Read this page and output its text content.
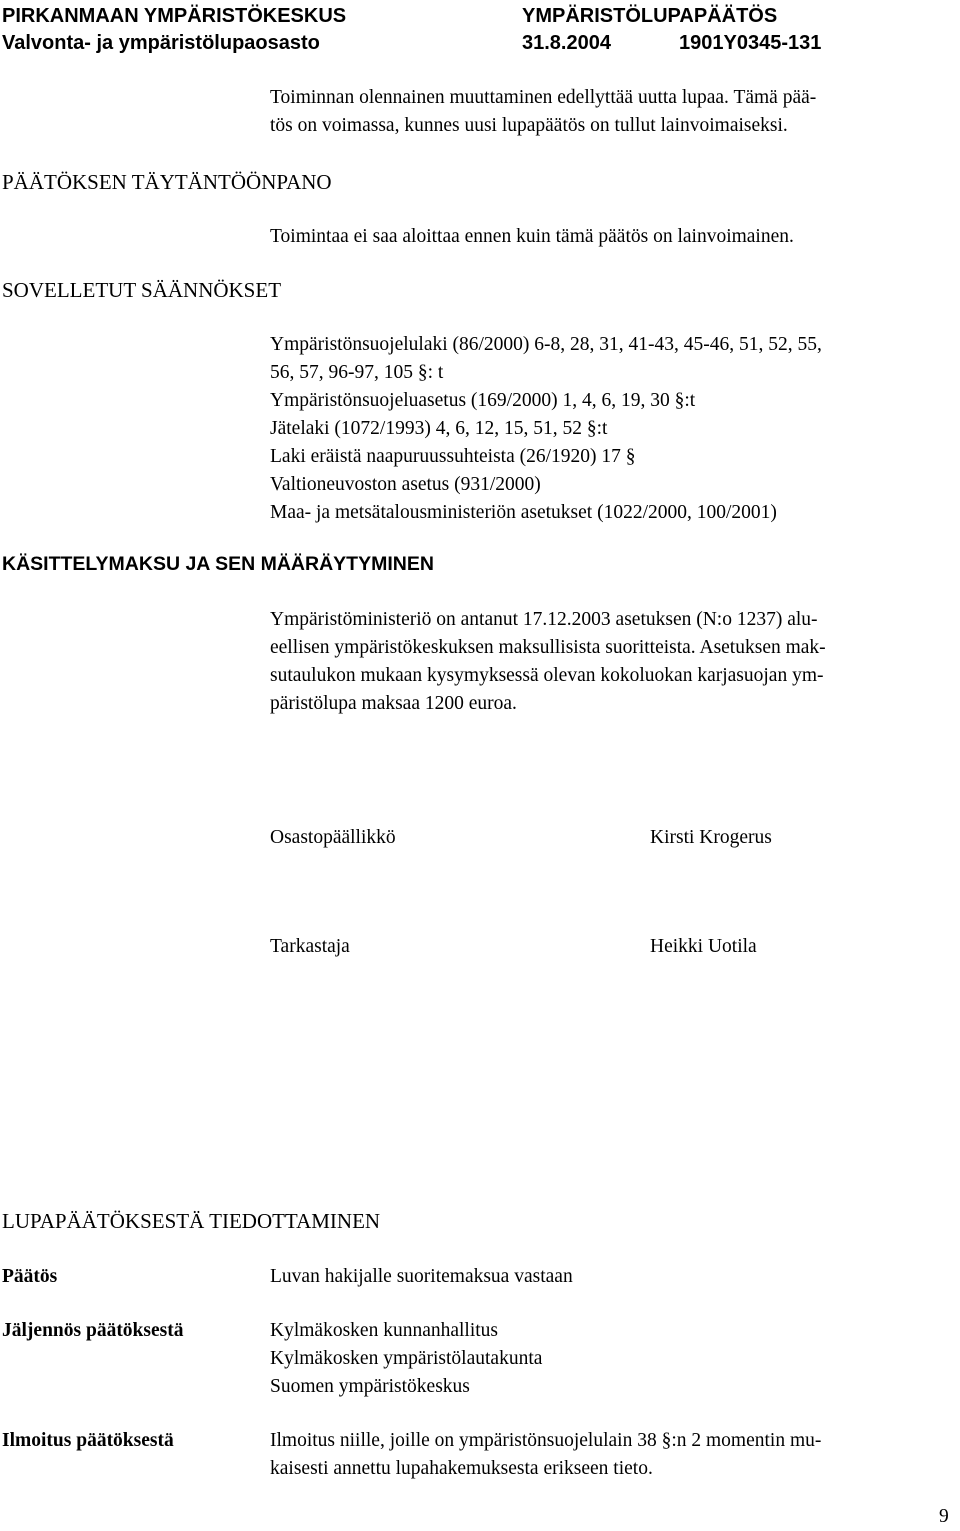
PIRKANMAAN YMPÄRISTÖKESKUS	YMPÄRISTÖLUPAPÄÄTÖS
Valvonta- ja ympäristölupaosasto	31.8.2004	1901Y0345-131
Toiminnan olennainen muuttaminen edellyttää uutta lupaa. Tämä pää-
tös on voimassa, kunnes uusi lupapäätös on tullut lainvoimaiseksi.
PÄÄTÖKSEN TÄYTÄNTÖÖNPANO
Toimintaa ei saa aloittaa ennen kuin tämä päätös on lainvoimainen.
SOVELLETUT SÄÄNNÖKSET
Ympäristönsuojelulaki (86/2000) 6-8, 28, 31, 41-43, 45-46, 51, 52, 55,
56, 57, 96-97, 105 §: t
Ympäristönsuojeluasetus (169/2000) 1, 4, 6, 19, 30 §:t
Jätelaki (1072/1993) 4, 6, 12, 15, 51, 52 §:t
Laki eräistä naapuruussuhteista (26/1920) 17 §
Valtioneuvoston asetus (931/2000)
Maa- ja metsätalousministeriön asetukset (1022/2000, 100/2001)
KÄSITTELYMAKSU JA SEN MÄÄRÄYTYMINEN
Ympäristöministeriö on antanut 17.12.2003 asetuksen (N:o 1237) alu-
eellisen ympäristökeskuksen maksullisista suoritteista. Asetuksen mak-
sutaulukon mukaan kysymyksessä olevan kokoluokan karjasuojan ym-
päristölupa maksaa 1200 euroa.
Osastopäällikkö	Kirsti Krogerus
Tarkastaja	Heikki Uotila
LUPAPÄÄTÖKSESTÄ TIEDOTTAMINEN
Päätös	Luvan hakijalle suoritemaksua vastaan
Jäljennös päätöksestä	Kylmäkosken kunnanhallitus
Kylmäkosken ympäristölautakunta
Suomen ympäristökeskus
Ilmoitus päätöksestä	Ilmoitus niille, joille on ympäristönsuojelulain 38 §:n 2 momentin mu-
kaisesti annettu lupahakemuksesta erikseen tieto.
9
